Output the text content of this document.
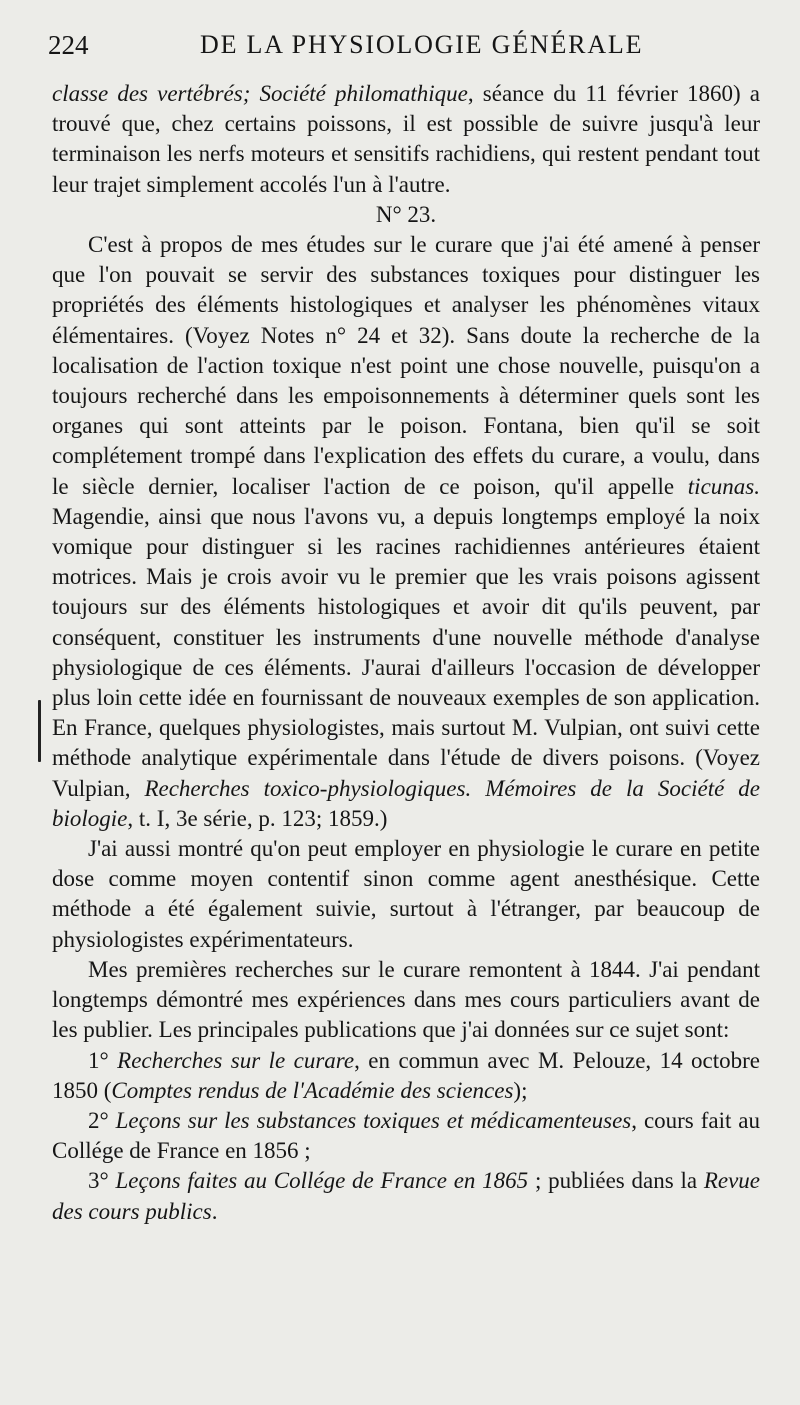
224	DE LA PHYSIOLOGIE GÉNÉRALE

classe des vertébrés; Société philomathique, séance du 11 février 1860) a trouvé que, chez certains poissons, il est possible de suivre jusqu'à leur terminaison les nerfs moteurs et sensitifs rachidiens, qui restent pendant tout leur trajet simplement accolés l'un à l'autre.

N° 23.

C'est à propos de mes études sur le curare que j'ai été amené à penser que l'on pouvait se servir des substances toxiques pour distinguer les propriétés des éléments histologiques et analyser les phénomènes vitaux élémentaires. (Voyez Notes n° 24 et 32). Sans doute la recherche de la localisation de l'action toxique n'est point une chose nouvelle, puisqu'on a toujours recherché dans les empoisonnements à déterminer quels sont les organes qui sont atteints par le poison. Fontana, bien qu'il se soit complétement trompé dans l'explication des effets du curare, a voulu, dans le siècle dernier, localiser l'action de ce poison, qu'il appelle ticunas. Magendie, ainsi que nous l'avons vu, a depuis longtemps employé la noix vomique pour distinguer si les racines rachidiennes antérieures étaient motrices. Mais je crois avoir vu le premier que les vrais poisons agissent toujours sur des éléments histologiques et avoir dit qu'ils peuvent, par conséquent, constituer les instruments d'une nouvelle méthode d'analyse physiologique de ces éléments. J'aurai d'ailleurs l'occasion de développer plus loin cette idée en fournissant de nouveaux exemples de son application. En France, quelques physiologistes, mais surtout M. Vulpian, ont suivi cette méthode analytique expérimentale dans l'étude de divers poisons. (Voyez Vulpian, Recherches toxico-physiologiques. Mémoires de la Société de biologie, t. I, 3e série, p. 123; 1859.)

J'ai aussi montré qu'on peut employer en physiologie le curare en petite dose comme moyen contentif sinon comme agent anesthésique. Cette méthode a été également suivie, surtout à l'étranger, par beaucoup de physiologistes expérimentateurs.

Mes premières recherches sur le curare remontent à 1844. J'ai pendant longtemps démontré mes expériences dans mes cours particuliers avant de les publier. Les principales publications que j'ai données sur ce sujet sont:

1° Recherches sur le curare, en commun avec M. Pelouze, 14 octobre 1850 (Comptes rendus de l'Académie des sciences);

2° Leçons sur les substances toxiques et médicamenteuses, cours fait au Collége de France en 1856 ;

3° Leçons faites au Collége de France en 1865 ; publiées dans la Revue des cours publics.
